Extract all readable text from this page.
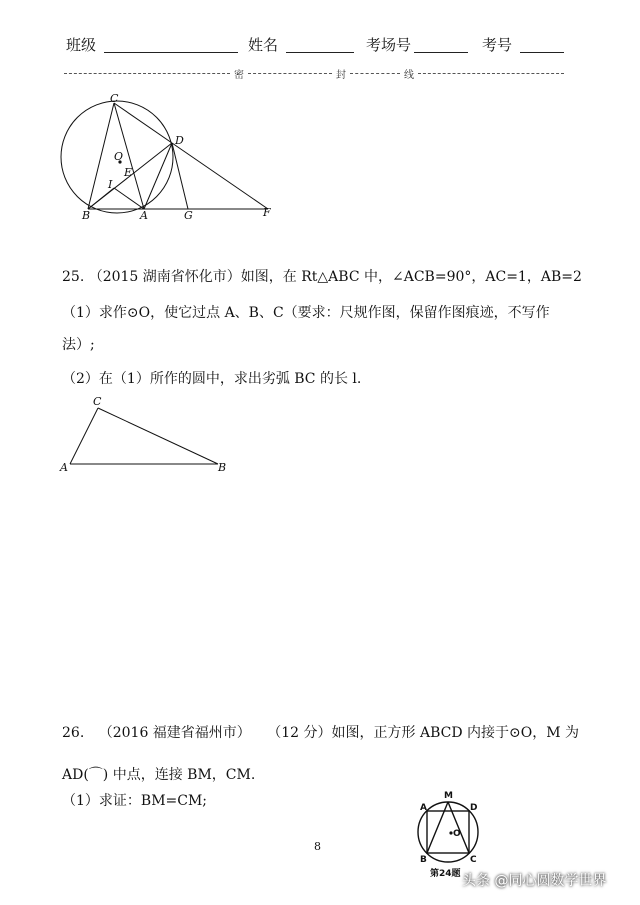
班级	姓名	考场号	考号
密	封	线
C
D
O
E
I
B	A	G	F
25. （2015 湖南省怀化市）如图，在 Rt△ABC 中，∠ACB=90°，AC=1，AB=2
（1）求作⊙O，使它过点 A、B、C（要求：尺规作图，保留作图痕迹，不写作
法）;
（2）在（1）所作的圆中，求出劣弧 BC 的长 l.
C
A	B
26. （2016 福建省福州市） （12 分）如图，正方形 ABCD 内接于⊙O，M 为
AD(⌒) 中点，连接 BM，CM.
（1）求证：BM=CM;	A
M
D
O
B	C
第24题
8
头条 @同心圆数学世界
